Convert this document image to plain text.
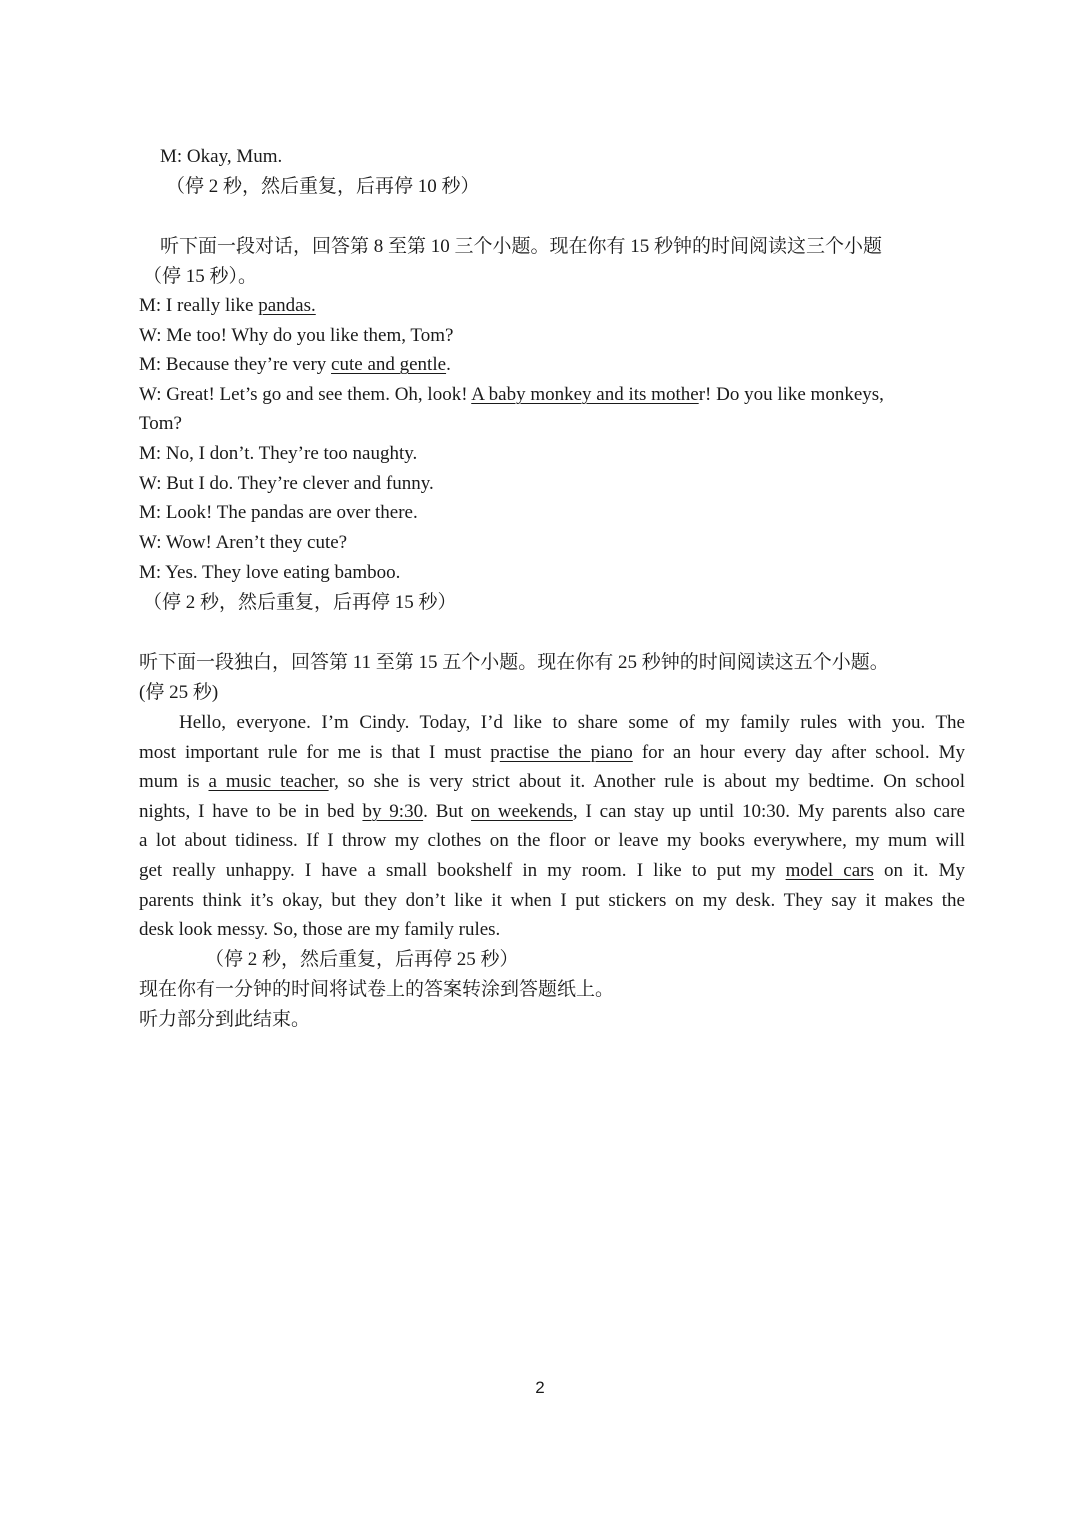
M: Okay, Mum.
（停 2 秒，然后重复，后再停 10 秒）
听下面一段对话，回答第 8 至第 10 三个小题。现在你有 15 秒钟的时间阅读这三个小题
（停 15 秒）。
M: I really like pandas.
W: Me too! Why do you like them, Tom?
M: Because they’re very cute and gentle.
W: Great! Let’s go and see them. Oh, look! A baby monkey and its mother! Do you like monkeys,
Tom?
M: No, I don’t. They’re too naughty.
W: But I do. They’re clever and funny.
M: Look! The pandas are over there.
W: Wow! Aren’t they cute?
M: Yes. They love eating bamboo.
（停 2 秒，然后重复，后再停 15 秒）
听下面一段独白，回答第 11 至第 15 五个小题。现在你有 25 秒钟的时间阅读这五个小题。
(停 25 秒)
Hello, everyone. I’m Cindy. Today, I’d like to share some of my family rules with you. The
most important rule for me is that I must practise the piano for an hour every day after school. My
mum is a music teacher, so she is very strict about it. Another rule is about my bedtime. On school
nights, I have to be in bed by 9:30. But on weekends, I can stay up until 10:30. My parents also care
a lot about tidiness. If I throw my clothes on the floor or leave my books everywhere, my mum will
get really unhappy. I have a small bookshelf in my room. I like to put my model cars on it. My
parents think it’s okay, but they don’t like it when I put stickers on my desk. They say it makes the
desk look messy. So, those are my family rules.
（停 2 秒，然后重复，后再停 25 秒）
现在你有一分钟的时间将试卷上的答案转涂到答题纸上。
听力部分到此结束。
2
